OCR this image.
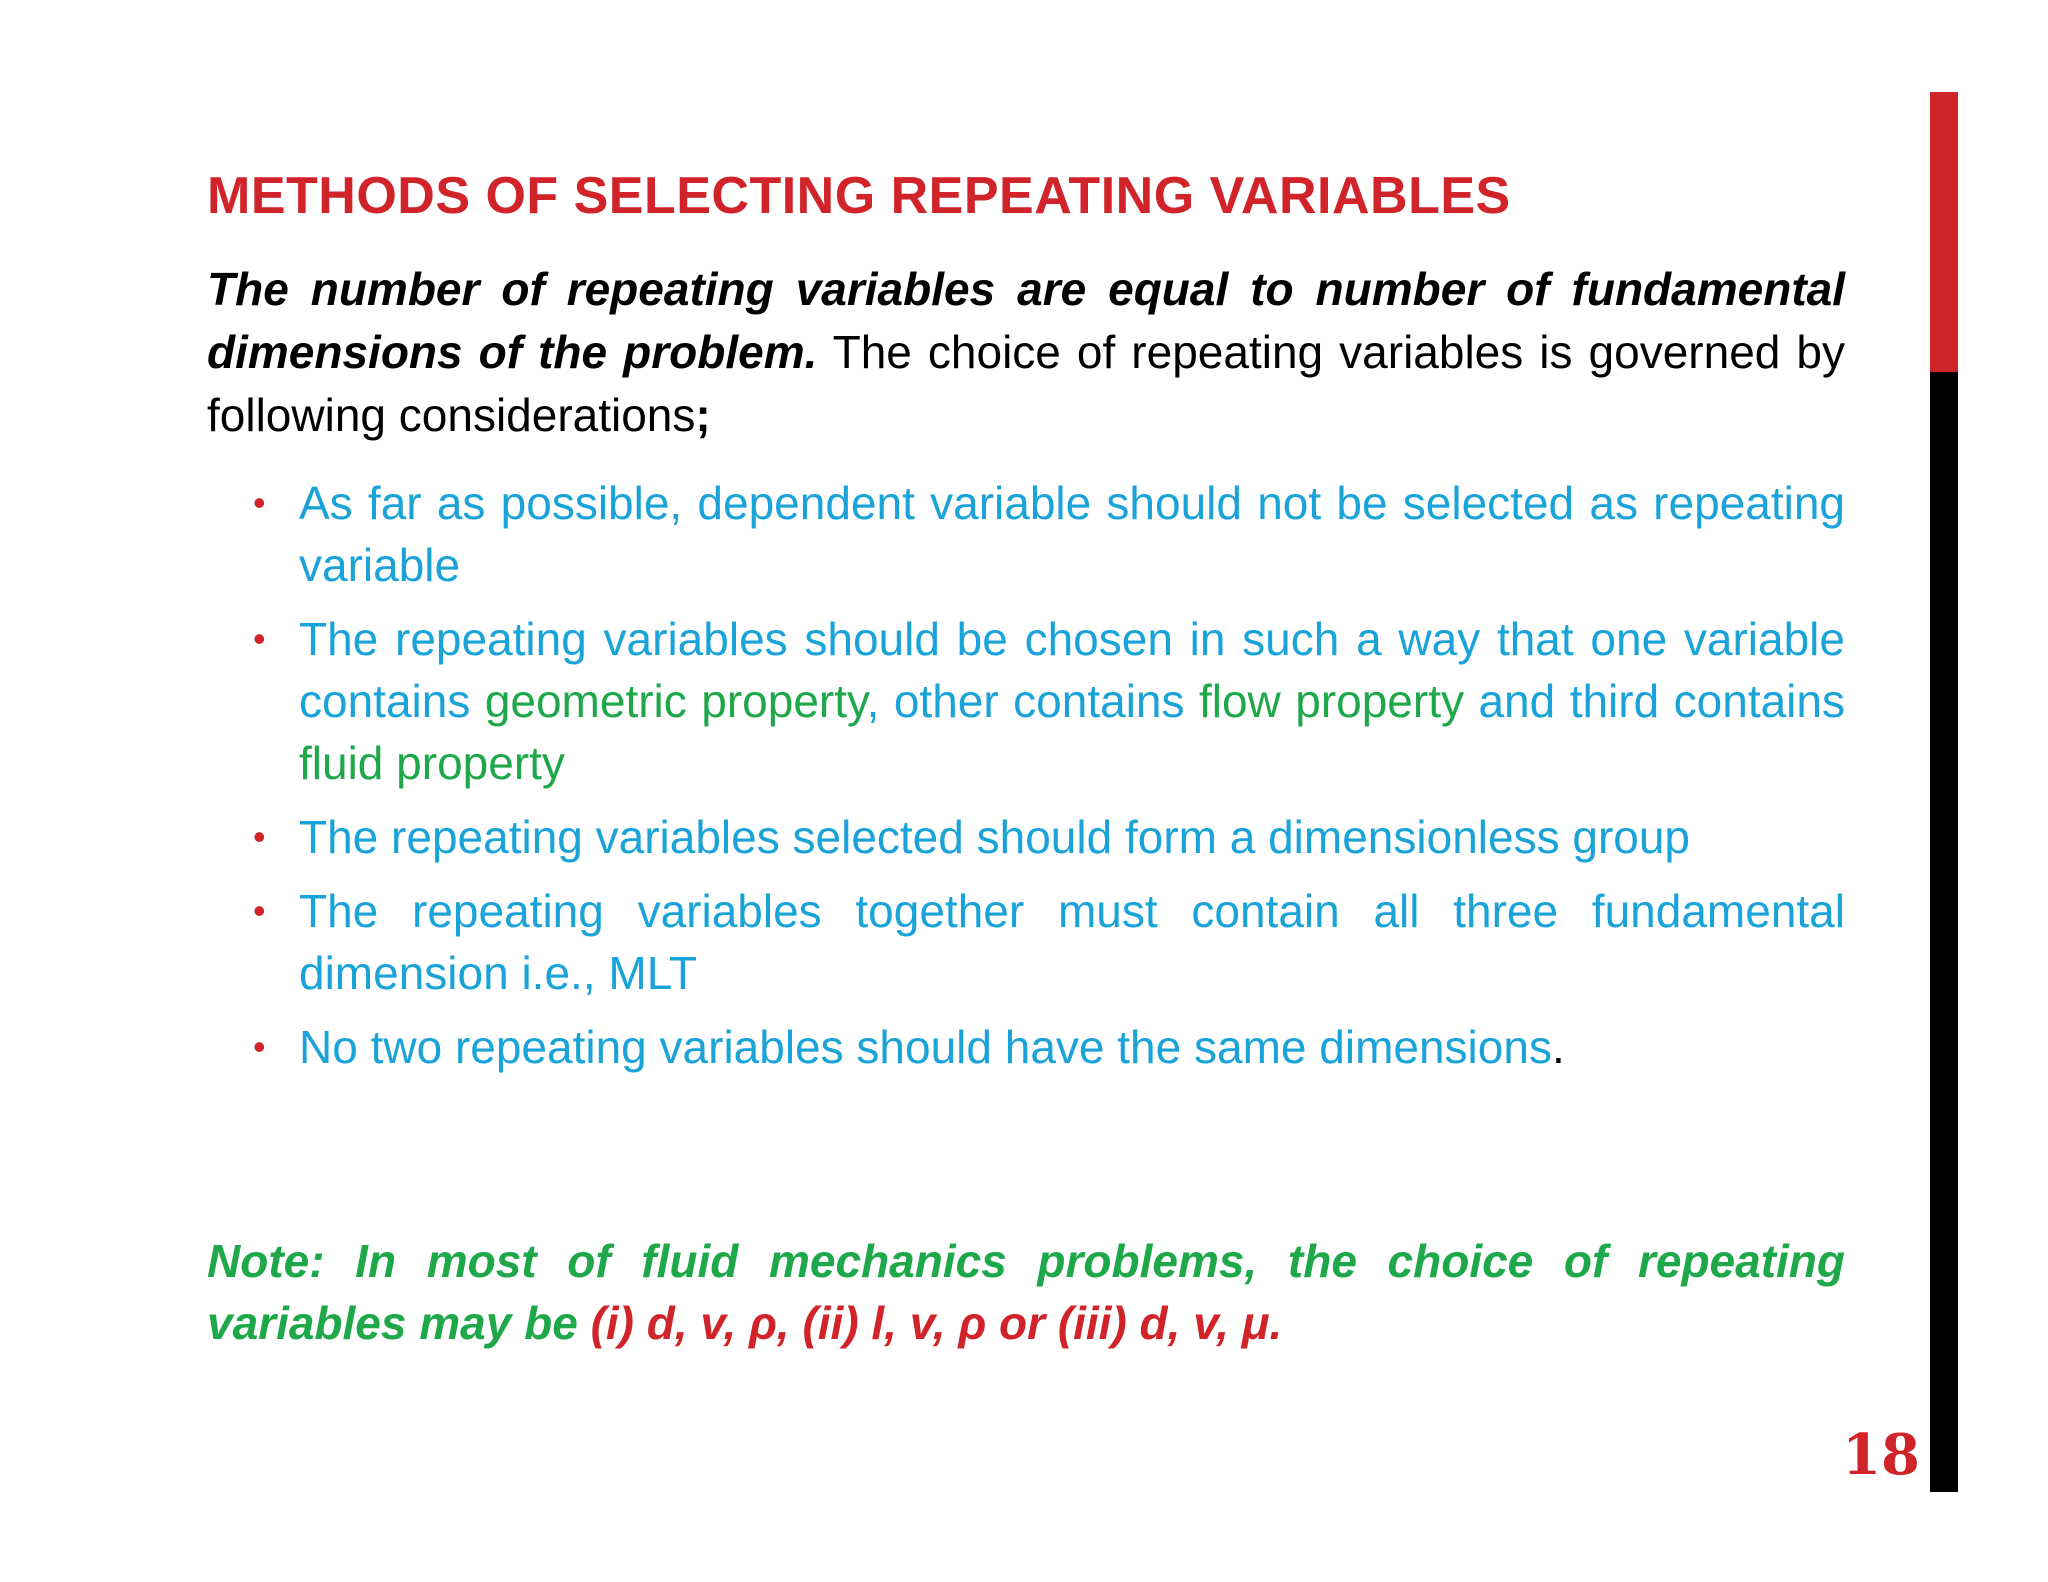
METHODS OF SELECTING REPEATING VARIABLES

The number of repeating variables are equal to number of fundamental dimensions of the problem. The choice of repeating variables is governed by following considerations;

• As far as possible, dependent variable should not be selected as repeating variable
• The repeating variables should be chosen in such a way that one variable contains geometric property, other contains flow property and third contains fluid property
• The repeating variables selected should form a dimensionless group
• The repeating variables together must contain all three fundamental dimension i.e., MLT
• No two repeating variables should have the same dimensions.

Note: In most of fluid mechanics problems, the choice of repeating variables may be (i) d, v, ρ, (ii) l, v, ρ or (iii) d, v, μ.

18
